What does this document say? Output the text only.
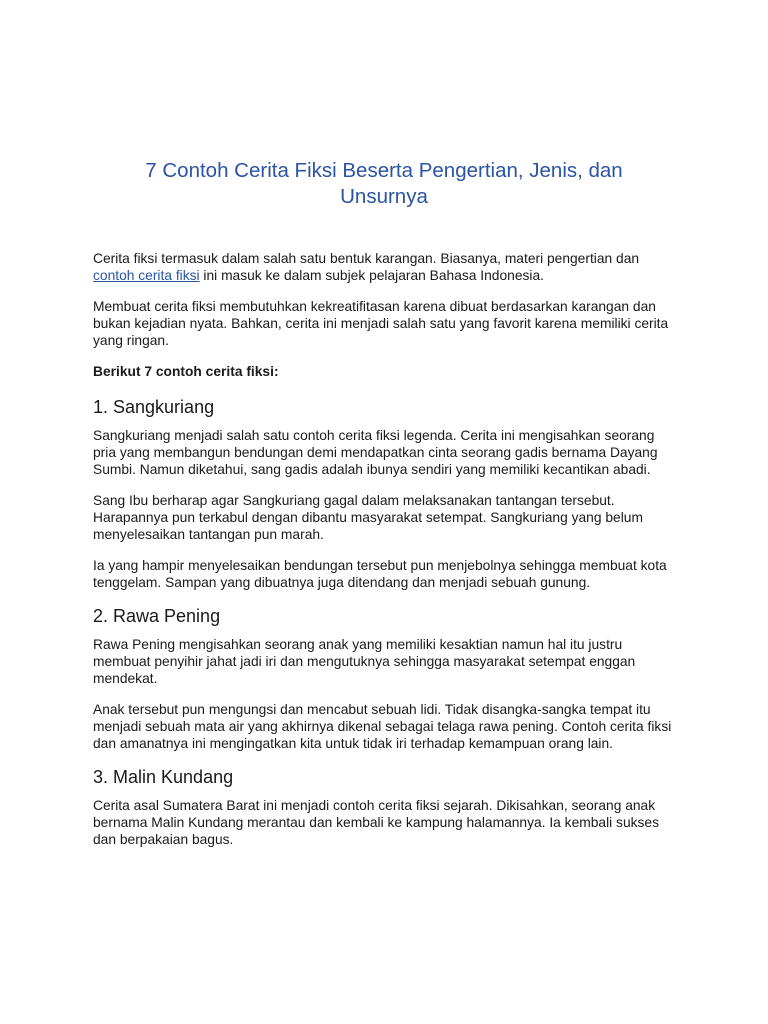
7 Contoh Cerita Fiksi Beserta Pengertian, Jenis, dan Unsurnya

Cerita fiksi termasuk dalam salah satu bentuk karangan. Biasanya, materi pengertian dan contoh cerita fiksi ini masuk ke dalam subjek pelajaran Bahasa Indonesia.

Membuat cerita fiksi membutuhkan kekreatifitasan karena dibuat berdasarkan karangan dan bukan kejadian nyata. Bahkan, cerita ini menjadi salah satu yang favorit karena memiliki cerita yang ringan.

Berikut 7 contoh cerita fiksi:

1. Sangkuriang

Sangkuriang menjadi salah satu contoh cerita fiksi legenda. Cerita ini mengisahkan seorang pria yang membangun bendungan demi mendapatkan cinta seorang gadis bernama Dayang Sumbi. Namun diketahui, sang gadis adalah ibunya sendiri yang memiliki kecantikan abadi.

Sang Ibu berharap agar Sangkuriang gagal dalam melaksanakan tantangan tersebut. Harapannya pun terkabul dengan dibantu masyarakat setempat. Sangkuriang yang belum menyelesaikan tantangan pun marah.

Ia yang hampir menyelesaikan bendungan tersebut pun menjebolnya sehingga membuat kota tenggelam. Sampan yang dibuatnya juga ditendang dan menjadi sebuah gunung.

2. Rawa Pening

Rawa Pening mengisahkan seorang anak yang memiliki kesaktian namun hal itu justru membuat penyihir jahat jadi iri dan mengutuknya sehingga masyarakat setempat enggan mendekat.

Anak tersebut pun mengungsi dan mencabut sebuah lidi. Tidak disangka-sangka tempat itu menjadi sebuah mata air yang akhirnya dikenal sebagai telaga rawa pening. Contoh cerita fiksi dan amanatnya ini mengingatkan kita untuk tidak iri terhadap kemampuan orang lain.

3. Malin Kundang

Cerita asal Sumatera Barat ini menjadi contoh cerita fiksi sejarah. Dikisahkan, seorang anak bernama Malin Kundang merantau dan kembali ke kampung halamannya. Ia kembali sukses dan berpakaian bagus.
